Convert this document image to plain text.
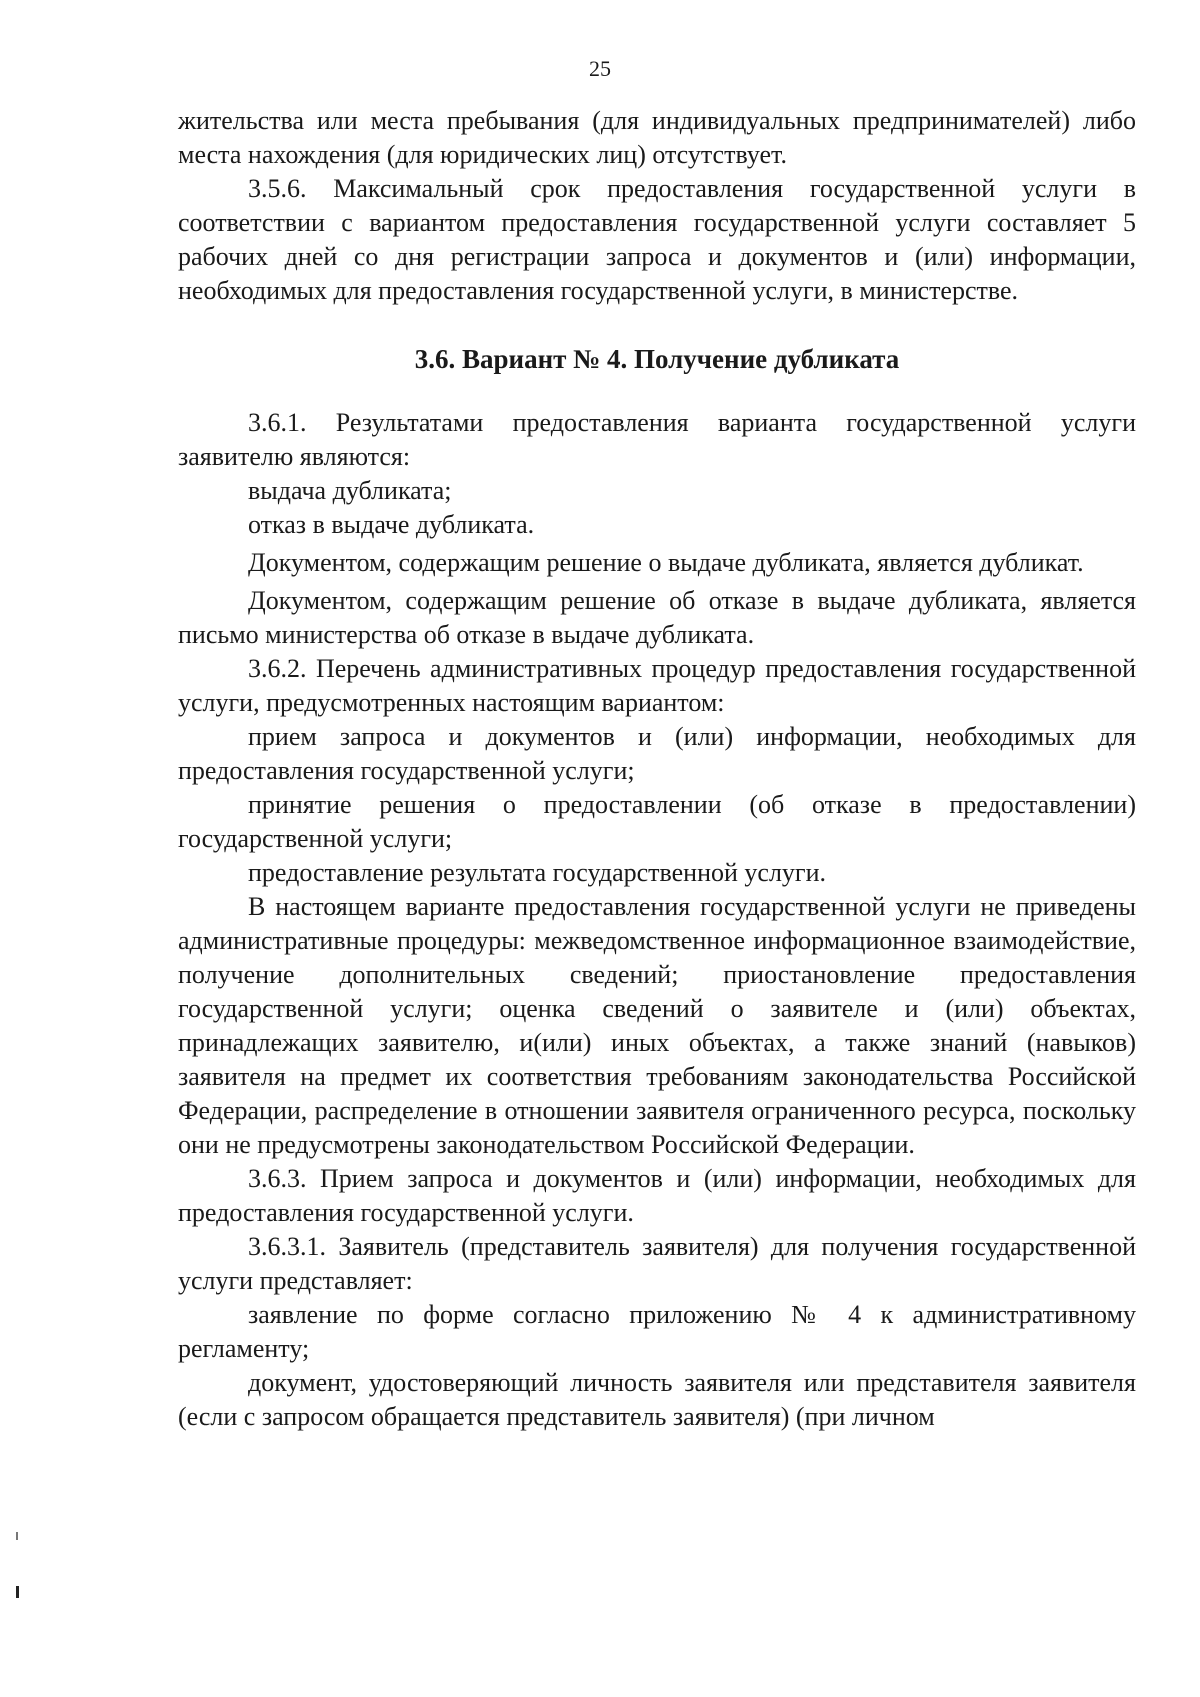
25

жительства или места пребывания (для индивидуальных предпринимателей) либо места нахождения (для юридических лиц) отсутствует.

3.5.6. Максимальный срок предоставления государственной услуги в соответствии с вариантом предоставления государственной услуги составляет 5 рабочих дней со дня регистрации запроса и документов и (или) информации, необходимых для предоставления государственной услуги, в министерстве.

3.6. Вариант № 4. Получение дубликата

3.6.1. Результатами предоставления варианта государственной услуги заявителю являются:

выдача дубликата;

отказ в выдаче дубликата.

Документом, содержащим решение о выдаче дубликата, является дубликат.

Документом, содержащим решение об отказе в выдаче дубликата, является письмо министерства об отказе в выдаче дубликата.

3.6.2. Перечень административных процедур предоставления государственной услуги, предусмотренных настоящим вариантом:

прием запроса и документов и (или) информации, необходимых для предоставления государственной услуги;

принятие решения о предоставлении (об отказе в предоставлении) государственной услуги;

предоставление результата государственной услуги.

В настоящем варианте предоставления государственной услуги не приведены административные процедуры: межведомственное информационное взаимодействие, получение дополнительных сведений; приостановление предоставления государственной услуги; оценка сведений о заявителе и (или) объектах, принадлежащих заявителю, и(или) иных объектах, а также знаний (навыков) заявителя на предмет их соответствия требованиям законодательства Российской Федерации, распределение в отношении заявителя ограниченного ресурса, поскольку они не предусмотрены законодательством Российской Федерации.

3.6.3. Прием запроса и документов и (или) информации, необходимых для предоставления государственной услуги.

3.6.3.1. Заявитель (представитель заявителя) для получения государственной услуги представляет:

заявление по форме согласно приложению № 4 к административному регламенту;

документ, удостоверяющий личность заявителя или представителя заявителя (если с запросом обращается представитель заявителя) (при личном
